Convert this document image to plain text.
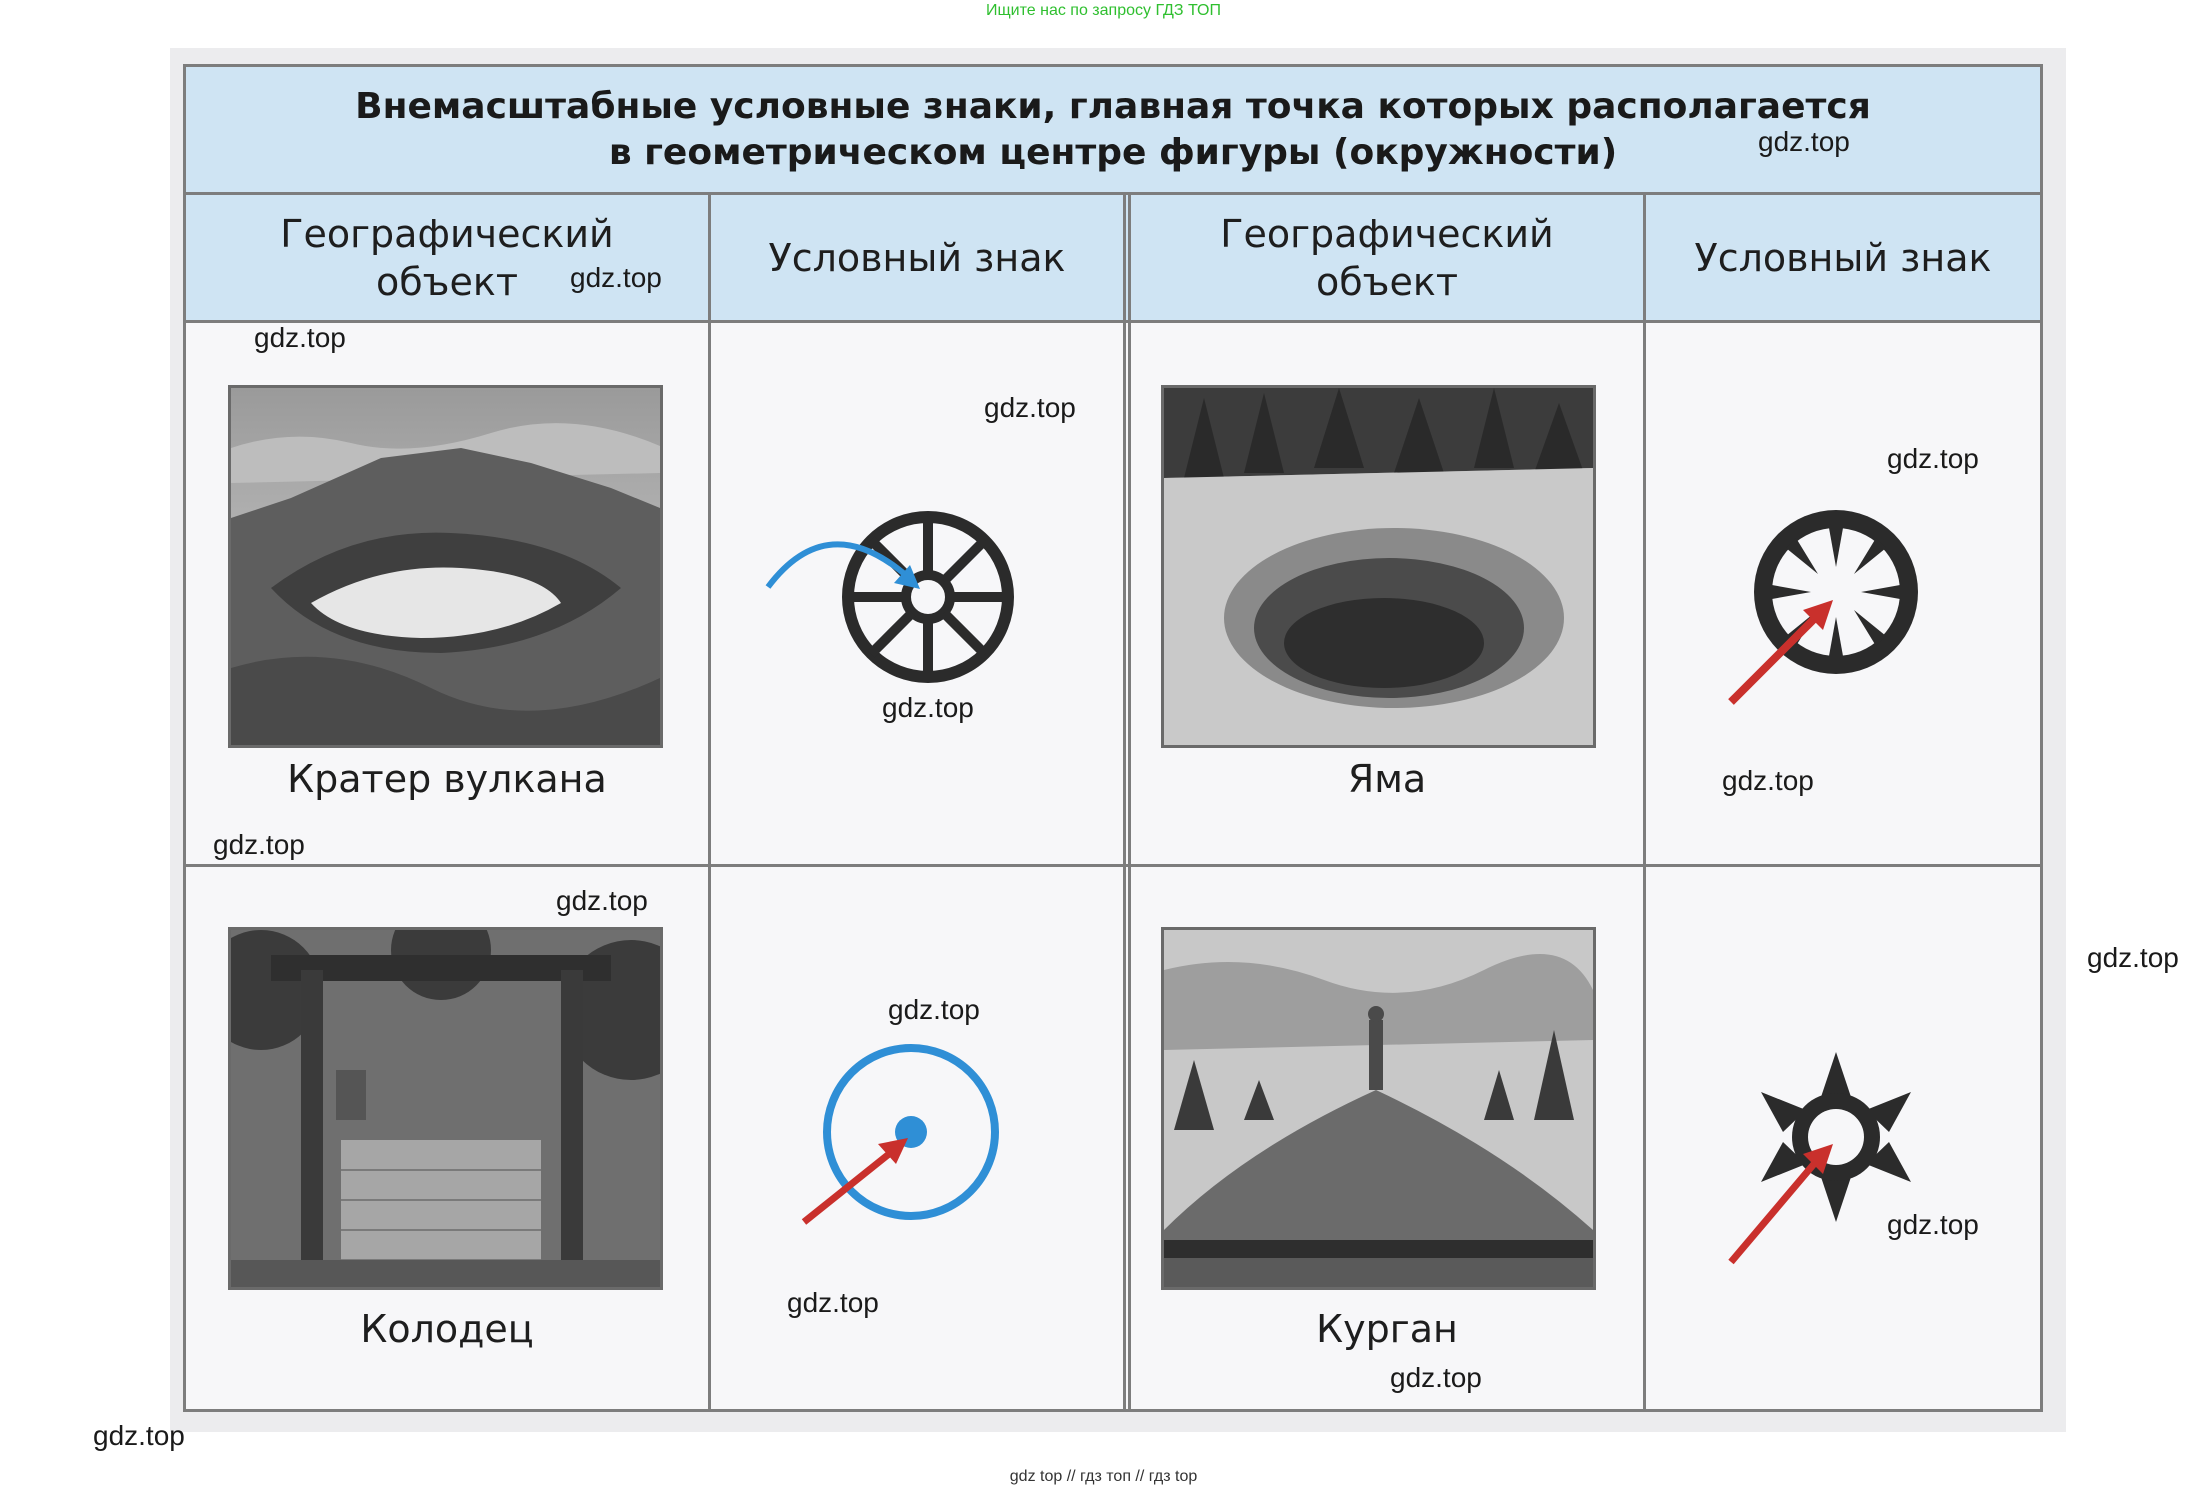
Ищите нас по запросу ГДЗ ТОП
Внемасштабные условные знаки, главная точка которых располагается
в геометрическом центре фигуры (окружности)
Географический
объект
Условный знак
Географический
объект
Условный знак
Кратер вулкана	Яма
Колодец	Курган
gdz.top
gdz.top
gdz.top
gdz.top
gdz.top
gdz.top
gdz.top
gdz.top
gdz.top
gdz.top
gdz.top
gdz.top
gdz.top
gdz.top
gdz.top
gdz top // гдз топ // гдз top
